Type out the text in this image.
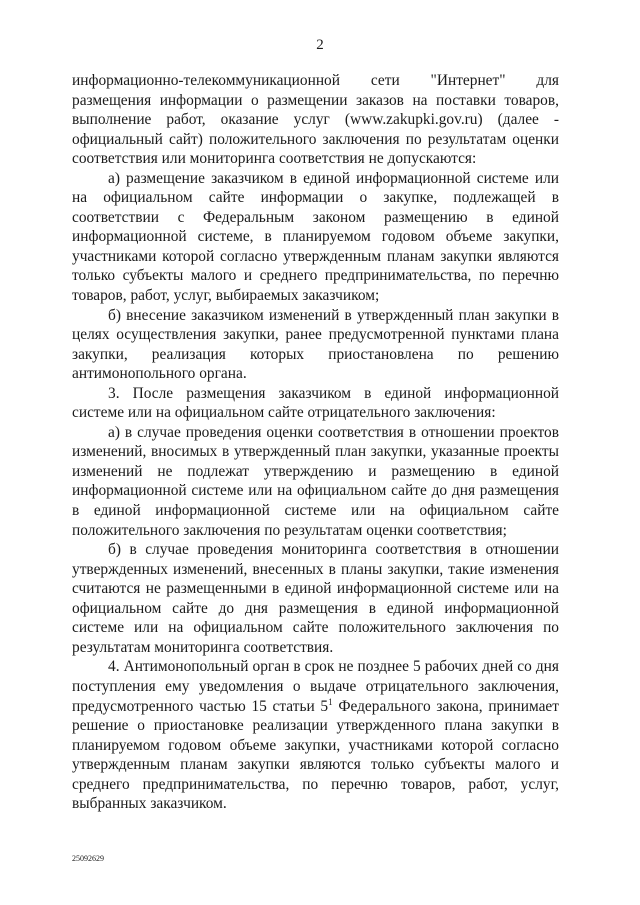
2

информационно-телекоммуникационной сети "Интернет" для размещения информации о размещении заказов на поставки товаров, выполнение работ, оказание услуг (www.zakupki.gov.ru) (далее - официальный сайт) положительного заключения по результатам оценки соответствия или мониторинга соответствия не допускаются:

а) размещение заказчиком в единой информационной системе или на официальном сайте информации о закупке, подлежащей в соответствии с Федеральным законом размещению в единой информационной системе, в планируемом годовом объеме закупки, участниками которой согласно утвержденным планам закупки являются только субъекты малого и среднего предпринимательства, по перечню товаров, работ, услуг, выбираемых заказчиком;

б) внесение заказчиком изменений в утвержденный план закупки в целях осуществления закупки, ранее предусмотренной пунктами плана закупки, реализация которых приостановлена по решению антимонопольного органа.

3. После размещения заказчиком в единой информационной системе или на официальном сайте отрицательного заключения:

а) в случае проведения оценки соответствия в отношении проектов изменений, вносимых в утвержденный план закупки, указанные проекты изменений не подлежат утверждению и размещению в единой информационной системе или на официальном сайте до дня размещения в единой информационной системе или на официальном сайте положительного заключения по результатам оценки соответствия;

б) в случае проведения мониторинга соответствия в отношении утвержденных изменений, внесенных в планы закупки, такие изменения считаются не размещенными в единой информационной системе или на официальном сайте до дня размещения в единой информационной системе или на официальном сайте положительного заключения по результатам мониторинга соответствия.

4. Антимонопольный орган в срок не позднее 5 рабочих дней со дня поступления ему уведомления о выдаче отрицательного заключения, предусмотренного частью 15 статьи $5^1$ Федерального закона, принимает решение о приостановке реализации утвержденного плана закупки в планируемом годовом объеме закупки, участниками которой согласно утвержденным планам закупки являются только субъекты малого и среднего предпринимательства, по перечню товаров, работ, услуг, выбранных заказчиком.

25092629
